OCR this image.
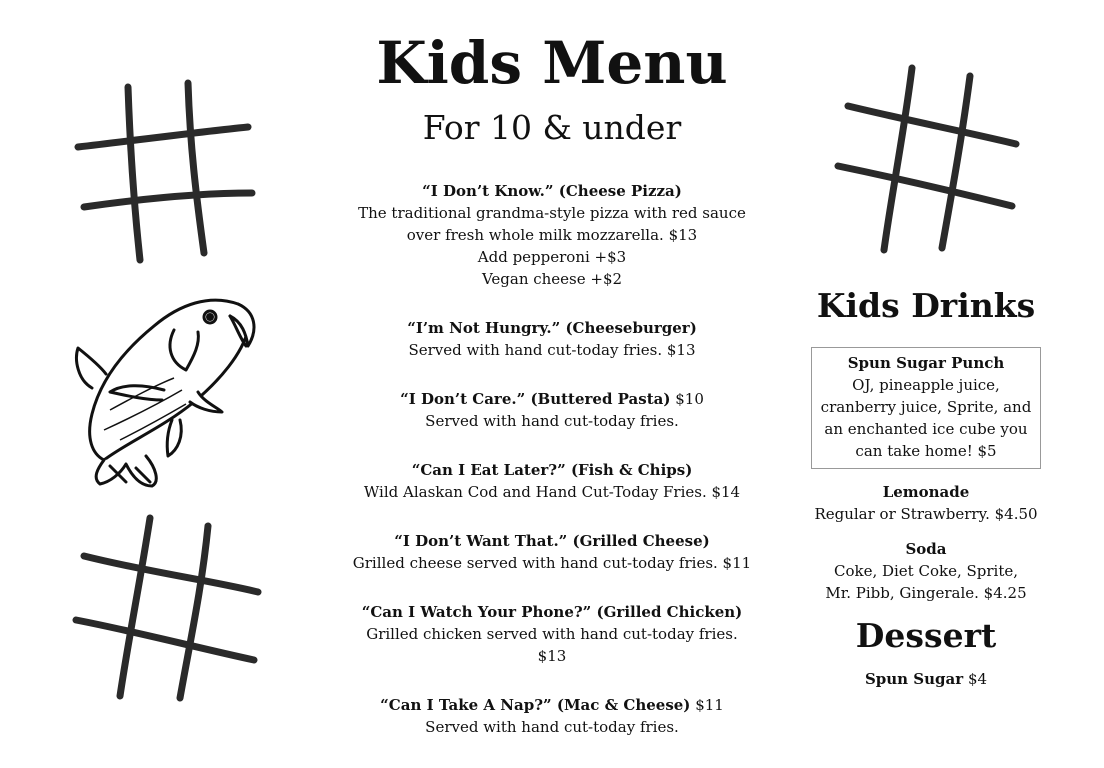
Kids Menu
For 10 & under
“I Don’t Know.” (Cheese Pizza)
The traditional grandma-style pizza with red sauce
over fresh whole milk mozzarella. $13
Add pepperoni +$3
Vegan cheese +$2
“I’m Not Hungry.” (Cheeseburger)
Served with hand cut-today fries. $13
“I Don’t Care.” (Buttered Pasta) $10
Served with hand cut-today fries.
“Can I Eat Later?” (Fish & Chips)
Wild Alaskan Cod and Hand Cut-Today Fries. $14
“I Don’t Want That.” (Grilled Cheese)
Grilled cheese served with hand cut-today fries. $11
“Can I Watch Your Phone?” (Grilled Chicken)
Grilled chicken served with hand cut-today fries. $13
“Can I Take A Nap?” (Mac & Cheese) $11
Served with hand cut-today fries.
Kids Drinks
Spun Sugar Punch
OJ, pineapple juice,
cranberry juice, Sprite, and
an enchanted ice cube you
can take home! $5
Lemonade
Regular or Strawberry. $4.50
Soda
Coke, Diet Coke, Sprite,
Mr. Pibb, Gingerale. $4.25
Dessert
Spun Sugar $4
